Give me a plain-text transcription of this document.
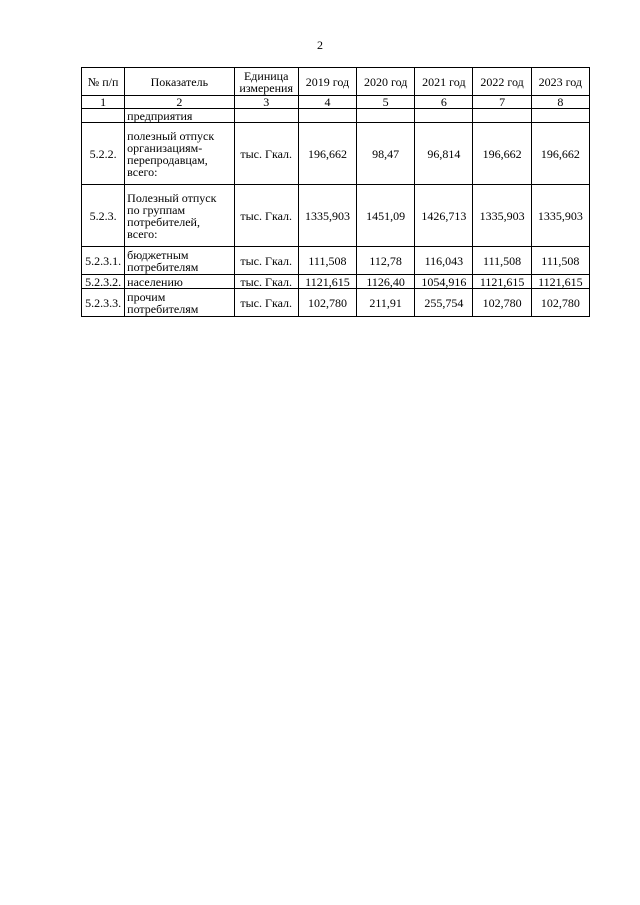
2
№ п/п	Показатель	Единица измерения	2019 год	2020 год	2021 год	2022 год	2023 год
1	2	3	4	5	6	7	8
	предприятия						
5.2.2.	полезный отпуск организациям-перепродавцам, всего:	тыс. Гкал.	196,662	98,47	96,814	196,662	196,662
5.2.3.	Полезный отпуск по группам потребителей, всего:	тыс. Гкал.	1335,903	1451,09	1426,713	1335,903	1335,903
5.2.3.1.	бюджетным потребителям	тыс. Гкал.	111,508	112,78	116,043	111,508	111,508
5.2.3.2.	населению	тыс. Гкал.	1121,615	1126,40	1054,916	1121,615	1121,615
5.2.3.3.	прочим потребителям	тыс. Гкал.	102,780	211,91	255,754	102,780	102,780
